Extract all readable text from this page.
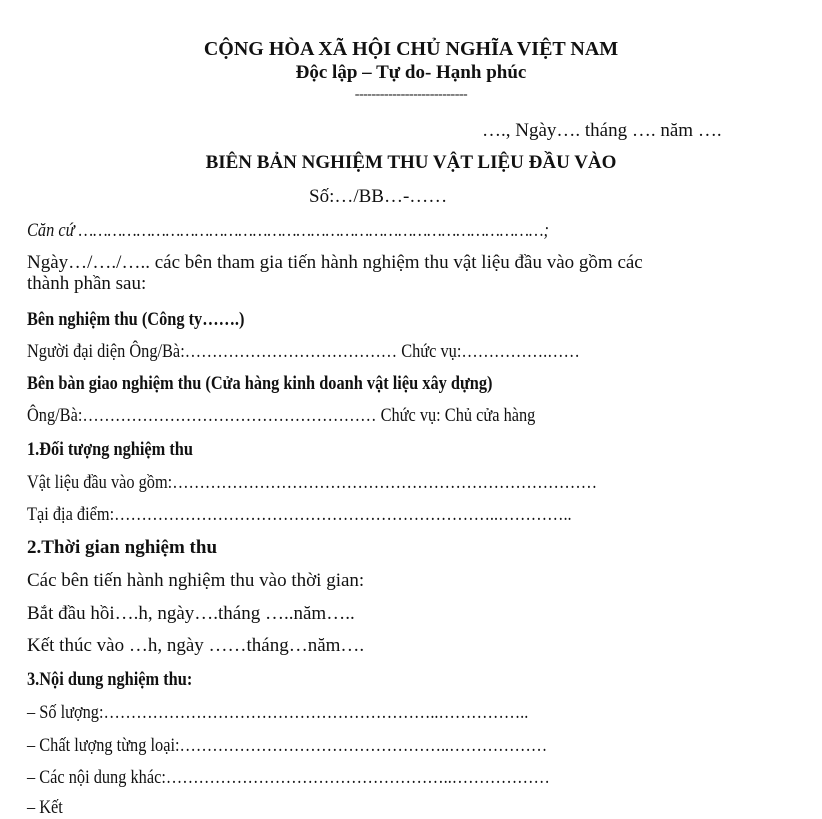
CỘNG HÒA XÃ HỘI CHỦ NGHĨA VIỆT NAM
Độc lập – Tự do- Hạnh phúc
---------------------------
…., Ngày…. tháng …. năm ….
BIÊN BẢN NGHIỆM THU VẬT LIỆU ĐẦU VÀO
Số:…/BB…-……
Căn cứ ……………………………………………………………………………………;
Ngày…/…./….. các bên tham gia tiến hành nghiệm thu vật liệu đầu vào gồm các
thành phần sau:
Bên nghiệm thu (Công ty…….)
Người đại diện Ông/Bà:………………………………… Chức vụ:…………….……
Bên bàn giao nghiệm thu (Cửa hàng kinh doanh vật liệu xây dựng)
Ông/Bà:……………………………………………… Chức vụ: Chủ cửa hàng
1.Đối tượng nghiệm thu
Vật liệu đầu vào gồm:……………………………………………………………………
Tại địa điểm:……………………………………………………………..…………..
2.Thời gian nghiệm thu
Các bên tiến hành nghiệm thu vào thời gian:
Bắt đầu hồi….h, ngày….tháng …..năm…..
Kết thúc vào …h, ngày ……tháng…năm….
3.Nội dung nghiệm thu:
– Số lượng:……………………………………………………..……………..
– Chất lượng từng loại:…………………………………………..………………
– Các nội dung khác:……………………………………………..………………
– Kết
